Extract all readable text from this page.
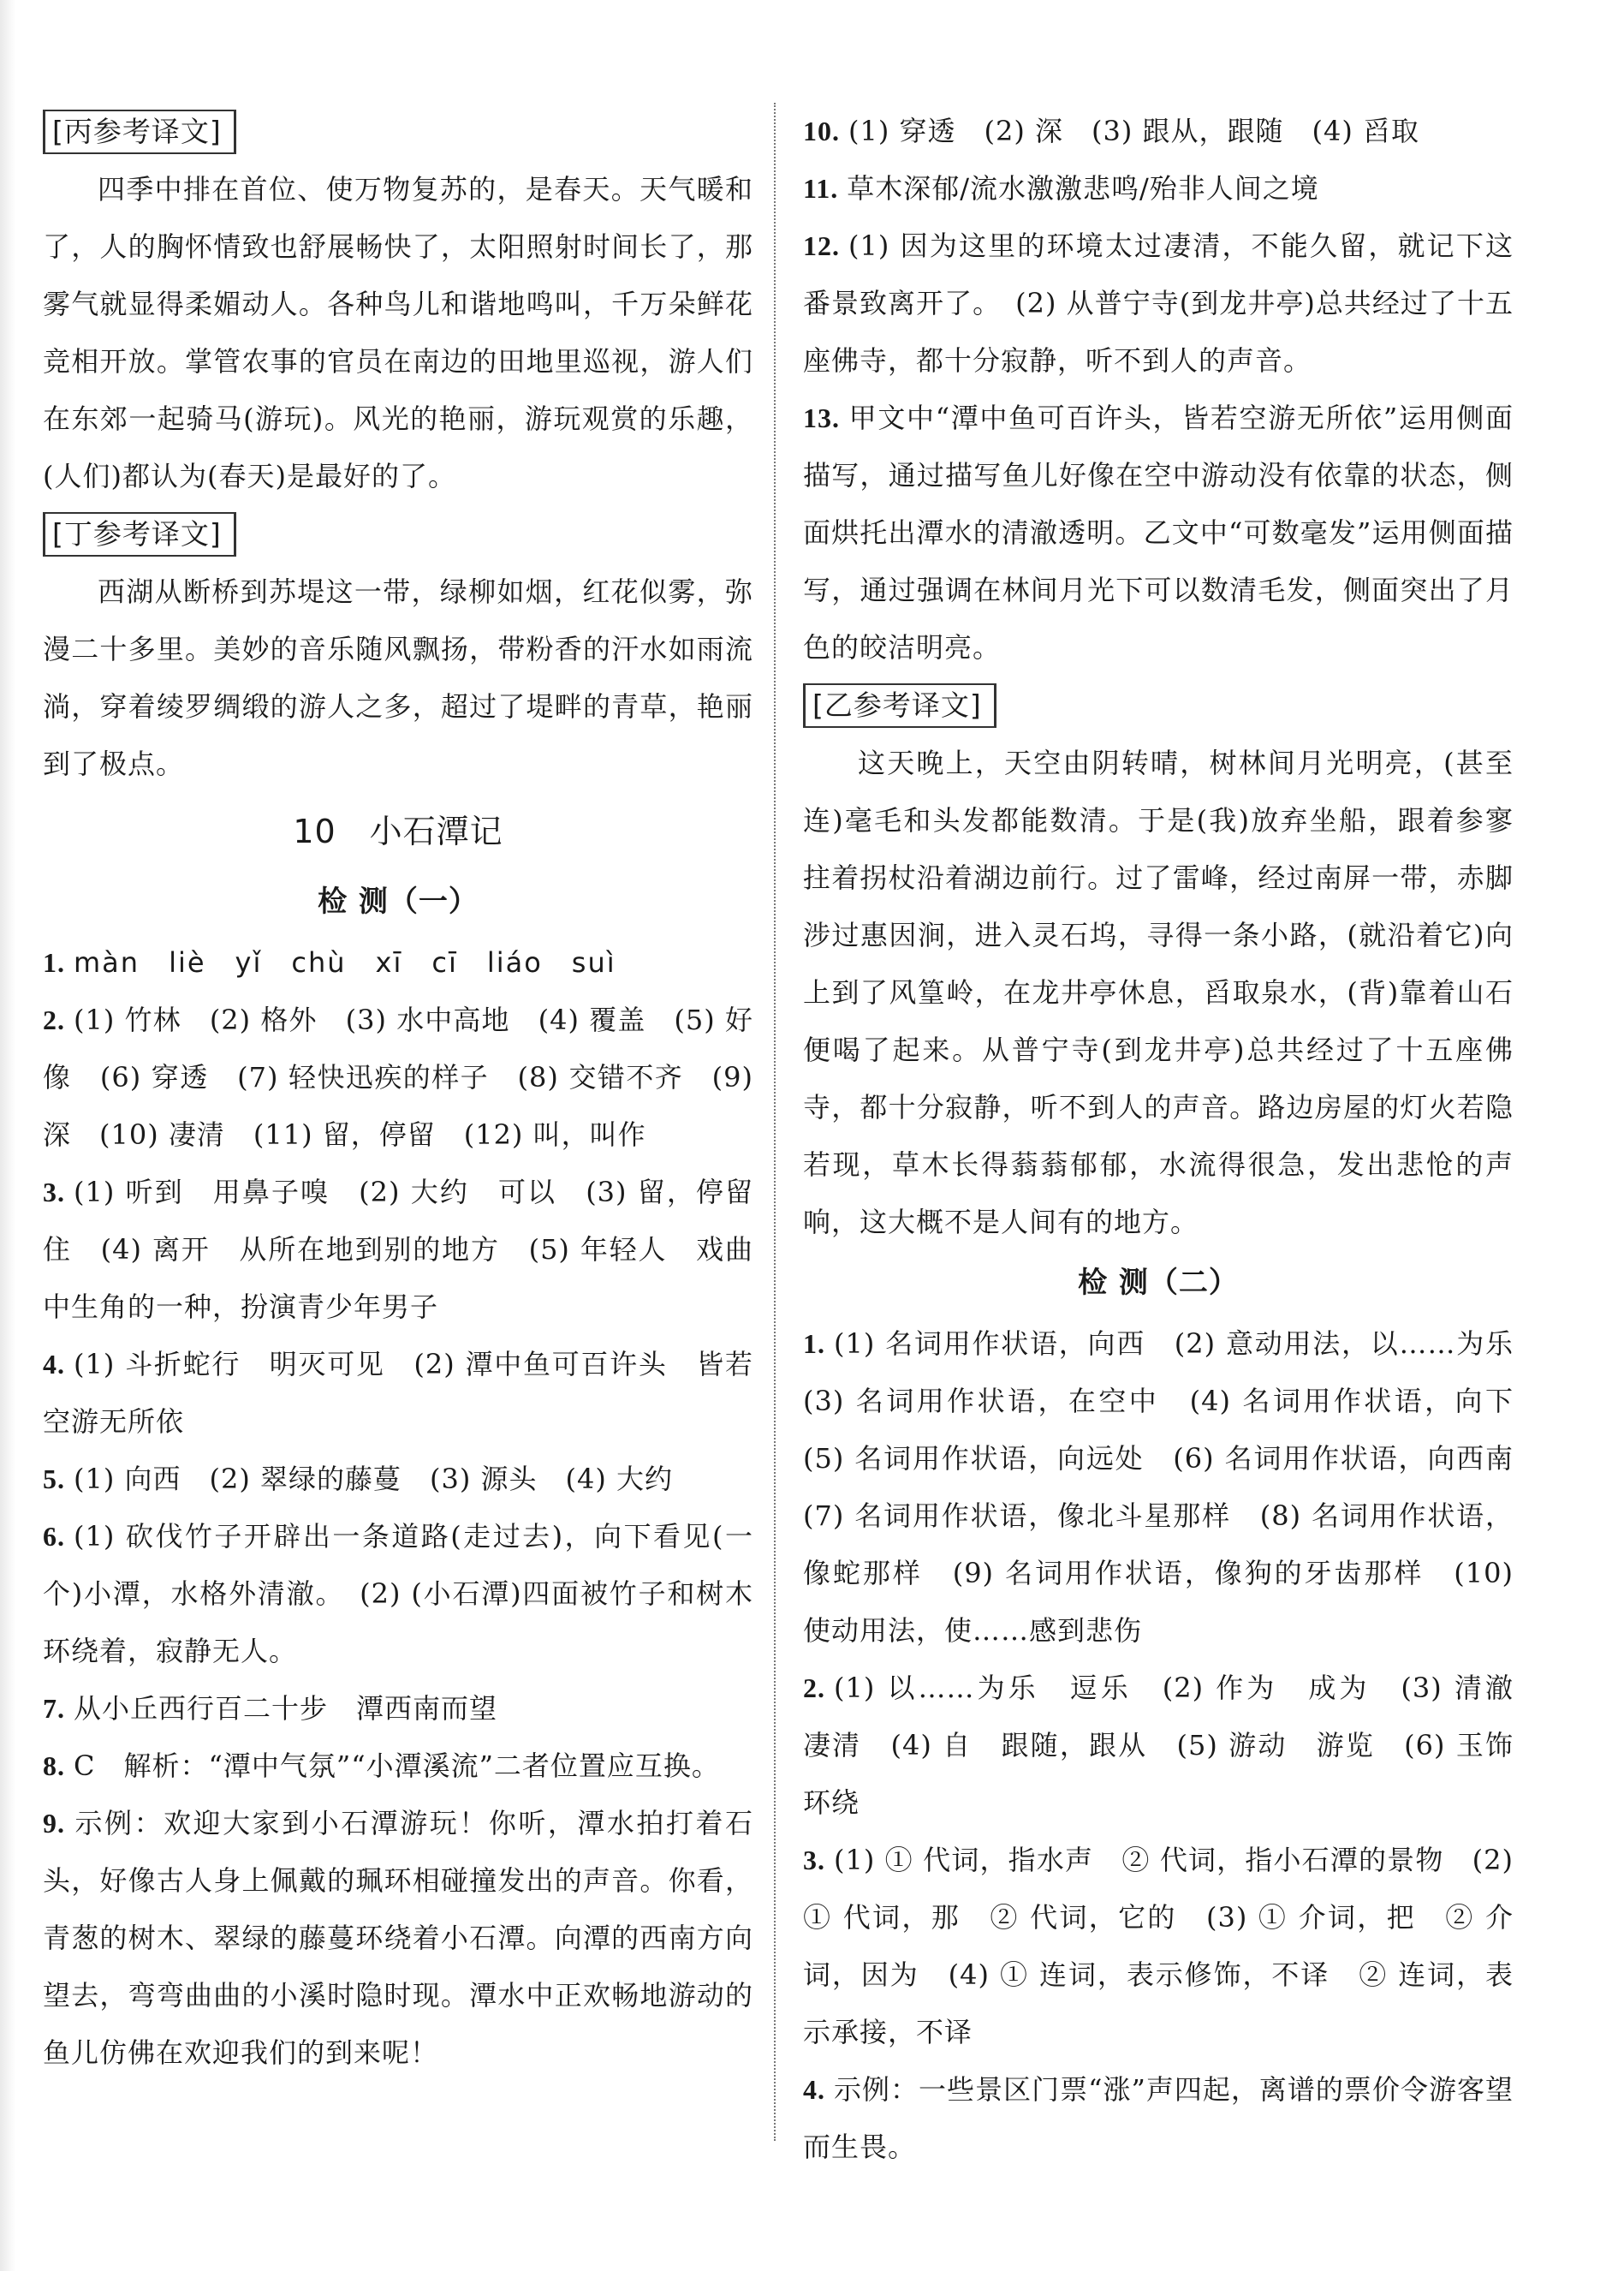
[丙参考译文]

四季中排在首位、使万物复苏的，是春天。天气暖和了，人的胸怀情致也舒展畅快了，太阳照射时间长了，那雾气就显得柔媚动人。各种鸟儿和谐地鸣叫，千万朵鲜花竞相开放。掌管农事的官员在南边的田地里巡视，游人们在东郊一起骑马(游玩)。风光的艳丽，游玩观赏的乐趣，(人们)都认为(春天)是最好的了。

[丁参考译文]

西湖从断桥到苏堤这一带，绿柳如烟，红花似雾，弥漫二十多里。美妙的音乐随风飘扬，带粉香的汗水如雨流淌，穿着绫罗绸缎的游人之多，超过了堤畔的青草，艳丽到了极点。

10　小石潭记
检 测（一）

1. màn　liè　yǐ　chù　xī　cī　liáo　suì

2. (1) 竹林　(2) 格外　(3) 水中高地　(4) 覆盖　(5) 好像　(6) 穿透　(7) 轻快迅疾的样子　(8) 交错不齐　(9) 深　(10) 凄清　(11) 留，停留　(12) 叫，叫作

3. (1) 听到　用鼻子嗅　(2) 大约　可以　(3) 留，停留　住　(4) 离开　从所在地到别的地方　(5) 年轻人　戏曲中生角的一种，扮演青少年男子

4. (1) 斗折蛇行　明灭可见　(2) 潭中鱼可百许头　皆若空游无所依

5. (1) 向西　(2) 翠绿的藤蔓　(3) 源头　(4) 大约

6. (1) 砍伐竹子开辟出一条道路(走过去)，向下看见(一个)小潭，水格外清澈。　(2) (小石潭)四面被竹子和树木环绕着，寂静无人。

7. 从小丘西行百二十步　潭西南而望

8. C　解析：“潭中气氛”“小潭溪流”二者位置应互换。

9. 示例：欢迎大家到小石潭游玩！你听，潭水拍打着石头，好像古人身上佩戴的珮环相碰撞发出的声音。你看，青葱的树木、翠绿的藤蔓环绕着小石潭。向潭的西南方向望去，弯弯曲曲的小溪时隐时现。潭水中正欢畅地游动的鱼儿仿佛在欢迎我们的到来呢！

10. (1) 穿透　(2) 深　(3) 跟从，跟随　(4) 舀取

11. 草木深郁/流水激激悲鸣/殆非人间之境

12. (1) 因为这里的环境太过凄清，不能久留，就记下这番景致离开了。　(2) 从普宁寺(到龙井亭)总共经过了十五座佛寺，都十分寂静，听不到人的声音。

13. 甲文中“潭中鱼可百许头，皆若空游无所依”运用侧面描写，通过描写鱼儿好像在空中游动没有依靠的状态，侧面烘托出潭水的清澈透明。乙文中“可数毫发”运用侧面描写，通过强调在林间月光下可以数清毛发，侧面突出了月色的皎洁明亮。

[乙参考译文]

这天晚上，天空由阴转晴，树林间月光明亮，(甚至连)毫毛和头发都能数清。于是(我)放弃坐船，跟着参寥拄着拐杖沿着湖边前行。过了雷峰，经过南屏一带，赤脚涉过惠因涧，进入灵石坞，寻得一条小路，(就沿着它)向上到了风篁岭，在龙井亭休息，舀取泉水，(背)靠着山石便喝了起来。从普宁寺(到龙井亭)总共经过了十五座佛寺，都十分寂静，听不到人的声音。路边房屋的灯火若隐若现，草木长得蓊蓊郁郁，水流得很急，发出悲怆的声响，这大概不是人间有的地方。

检 测（二）

1. (1) 名词用作状语，向西　(2) 意动用法，以……为乐　(3) 名词用作状语，在空中　(4) 名词用作状语，向下　(5) 名词用作状语，向远处　(6) 名词用作状语，向西南　(7) 名词用作状语，像北斗星那样　(8) 名词用作状语，像蛇那样　(9) 名词用作状语，像狗的牙齿那样　(10) 使动用法，使……感到悲伤

2. (1) 以……为乐　逗乐　(2) 作为　成为　(3) 清澈　凄清　(4) 自　跟随，跟从　(5) 游动　游览　(6) 玉饰　环绕

3. (1) ① 代词，指水声　② 代词，指小石潭的景物　(2) ① 代词，那　② 代词，它的　(3) ① 介词，把　② 介词，因为　(4) ① 连词，表示修饰，不译　② 连词，表示承接，不译

4. 示例：一些景区门票“涨”声四起，离谱的票价令游客望而生畏。
